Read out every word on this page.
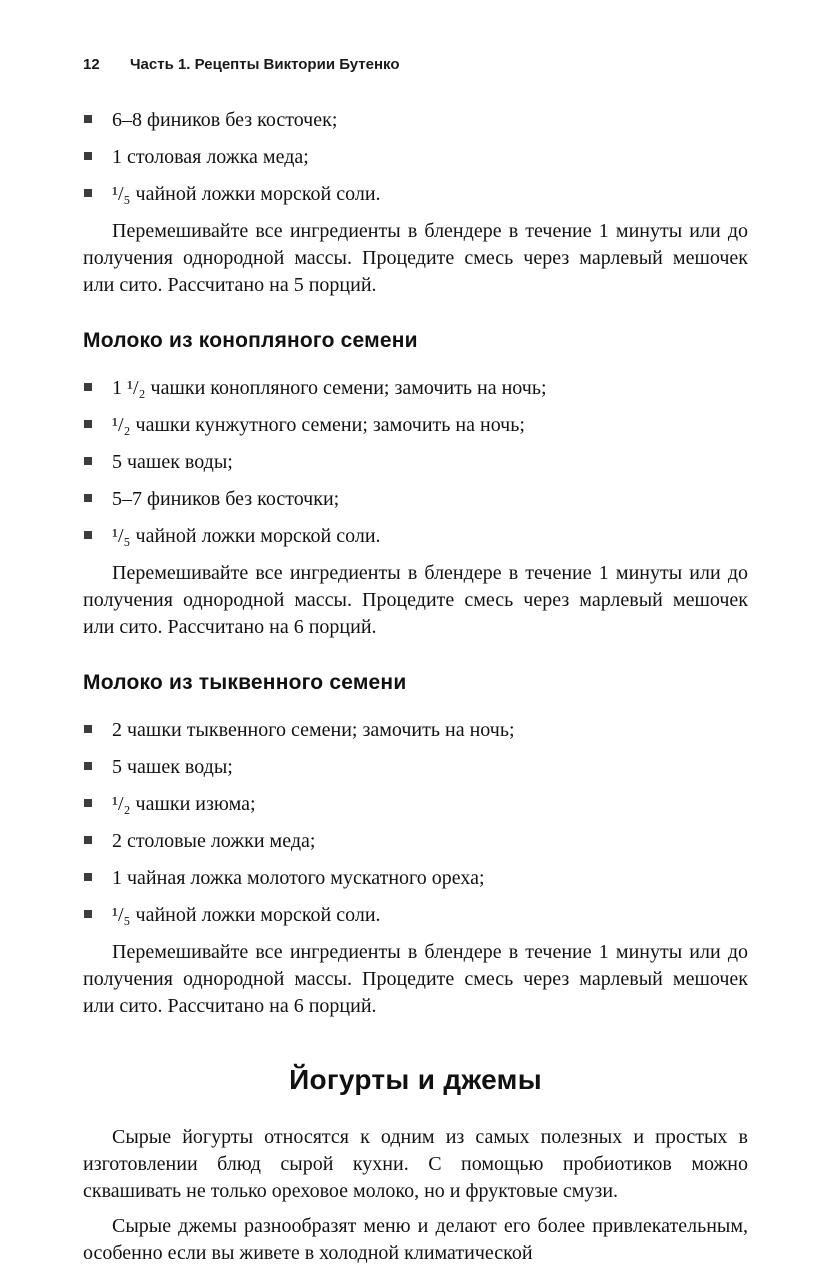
12	Часть 1. Рецепты Виктории Бутенко
6–8 фиников без косточек;
1 столовая ложка меда;
¹/₅ чайной ложки морской соли.

Перемешивайте все ингредиенты в блендере в течение 1 минуты или до получения однородной массы. Процедите смесь через марлевый мешочек или сито. Рассчитано на 5 порций.

Молоко из конопляного семени
1 ¹/₂ чашки конопляного семени; замочить на ночь;
¹/₂ чашки кунжутного семени; замочить на ночь;
5 чашек воды;
5–7 фиников без косточки;
¹/₅ чайной ложки морской соли.

Перемешивайте все ингредиенты в блендере в течение 1 минуты или до получения однородной массы. Процедите смесь через марлевый мешочек или сито. Рассчитано на 6 порций.

Молоко из тыквенного семени
2 чашки тыквенного семени; замочить на ночь;
5 чашек воды;
¹/₂ чашки изюма;
2 столовые ложки меда;
1 чайная ложка молотого мускатного ореха;
¹/₅ чайной ложки морской соли.

Перемешивайте все ингредиенты в блендере в течение 1 минуты или до получения однородной массы. Процедите смесь через марлевый мешочек или сито. Рассчитано на 6 порций.

Йогурты и джемы

Сырые йогурты относятся к одним из самых полезных и простых в изготовлении блюд сырой кухни. С помощью пробиотиков можно сквашивать не только ореховое молоко, но и фруктовые смузи.

Сырые джемы разнообразят меню и делают его более привлекательным, особенно если вы живете в холодной климатической
